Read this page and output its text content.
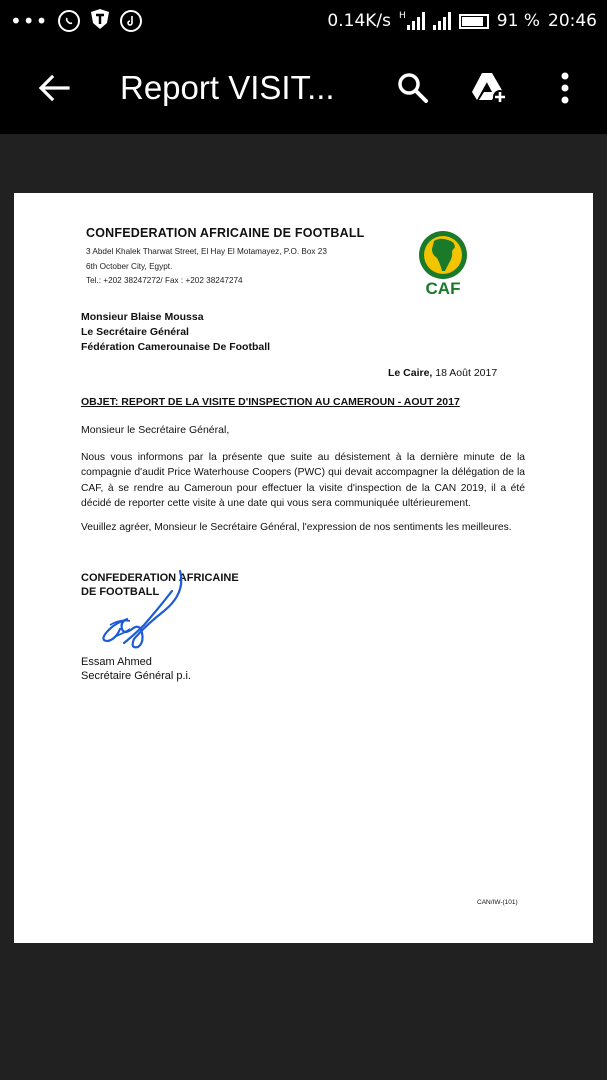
•••	0.14K/s H	91 % 20:46
Report VISIT...
CONFEDERATION AFRICAINE DE FOOTBALL
3 Abdel Khalek Tharwat Street, El Hay El Motamayez, P.O. Box 23
6th October City, Egypt.
Tel.: +202 38247272/ Fax : +202 38247274	CAF
Monsieur Blaise Moussa
Le Secrétaire Général
Fédération Camerounaise De Football
Le Caire, 18 Août 2017
OBJET: REPORT DE LA VISITE D'INSPECTION AU CAMEROUN - AOUT 2017
Monsieur le Secrétaire Général,
Nous vous informons par la présente que suite au désistement à la dernière minute de la compagnie d'audit Price Waterhouse Coopers (PWC) qui devait accompagner la délégation de la CAF, à se rendre au Cameroun pour effectuer la visite d'inspection de la CAN 2019, il a été décidé de reporter cette visite à une date qui vous sera communiquée ultérieurement.
Veuillez agréer, Monsieur le Secrétaire Général, l'expression de nos sentiments les meilleures.
CONFEDERATION AFRICAINE
DE FOOTBALL
Essam Ahmed
Secrétaire Général p.i.
CAN/IW-(101)
